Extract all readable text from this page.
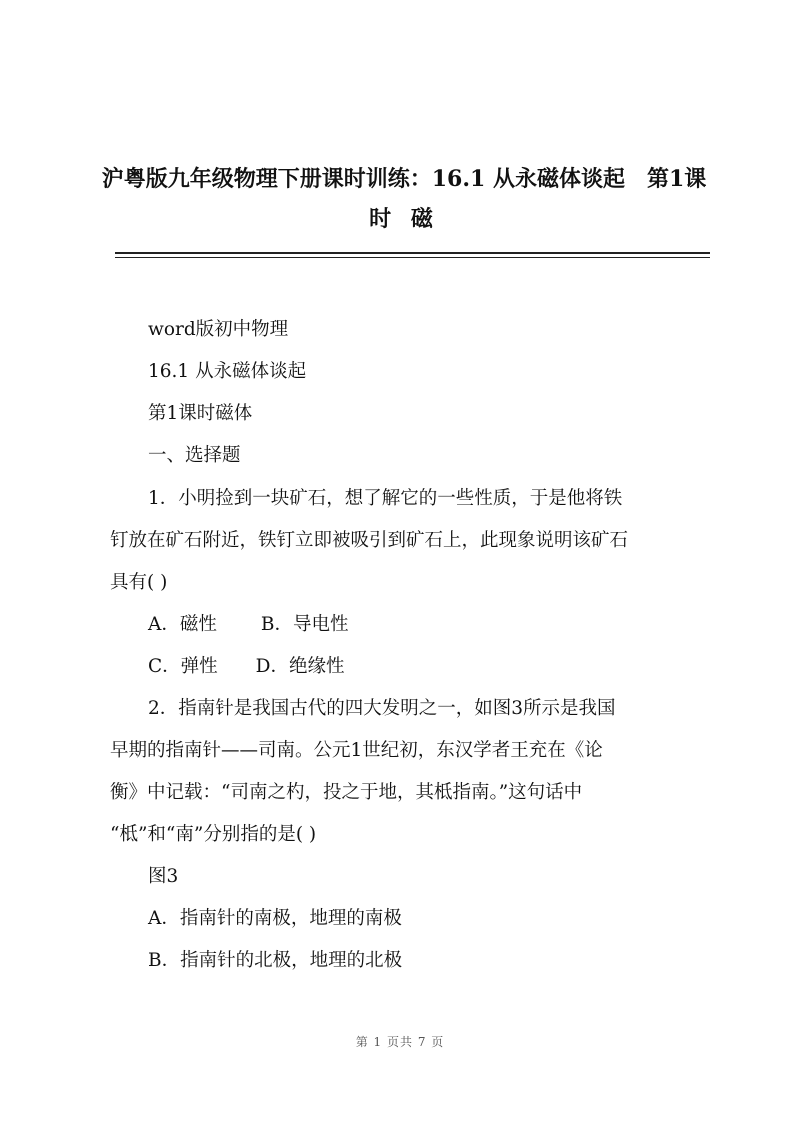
沪粤版九年级物理下册课时训练：16.1 从永磁体谈起　第1课
时 磁
word版初中物理
16.1 从永磁体谈起
第1课时磁体
一、选择题
1．小明捡到一块矿石，想了解它的一些性质，于是他将铁
钉放在矿石附近，铁钉立即被吸引到矿石上，此现象说明该矿石
具有( )
A．磁性 B．导电性
C．弹性 D．绝缘性
2．指南针是我国古代的四大发明之一，如图3所示是我国
早期的指南针——司南。公元1世纪初，东汉学者王充在《论
衡》中记载：“司南之杓，投之于地，其柢指南。”这句话中
“柢”和“南”分别指的是( )
图3
A．指南针的南极，地理的南极
B．指南针的北极，地理的北极
第 1 页共 7 页
